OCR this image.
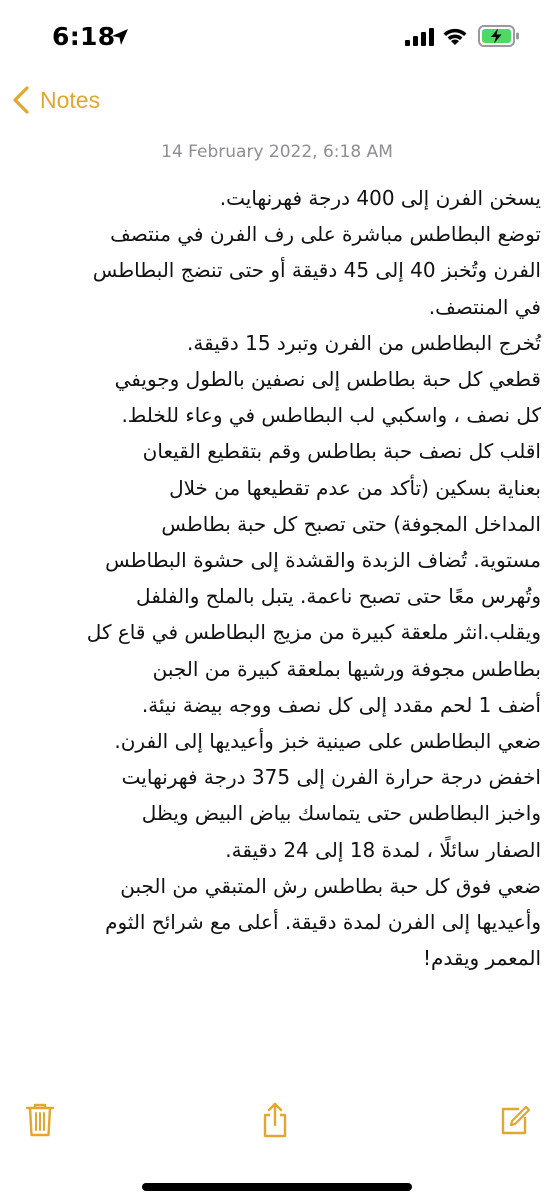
6:18
Notes
14 February 2022, 6:18 AM
يسخن الفرن إلى 400 درجة فهرنهايت.
توضع البطاطس مباشرة على رف الفرن في منتصف
الفرن وتُخبز 40 إلى 45 دقيقة أو حتى تنضج البطاطس
في المنتصف.
تُخرج البطاطس من الفرن وتبرد 15 دقيقة.
قطعي كل حبة بطاطس إلى نصفين بالطول وجويفي
كل نصف ، واسكبي لب البطاطس في وعاء للخلط.
اقلب كل نصف حبة بطاطس وقم بتقطيع القيعان
بعناية بسكين (تأكد من عدم تقطيعها من خلال
المداخل المجوفة) حتى تصبح كل حبة بطاطس
مستوية. تُضاف الزبدة والقشدة إلى حشوة البطاطس
وتُهرس معًا حتى تصبح ناعمة. يتبل بالملح والفلفل
ويقلب.انثر ملعقة كبيرة من مزيج البطاطس في قاع كل
بطاطس مجوفة ورشيها بملعقة كبيرة من الجبن
أضف 1 لحم مقدد إلى كل نصف ووجه بيضة نيئة.
ضعي البطاطس على صينية خبز وأعيديها إلى الفرن.
اخفض درجة حرارة الفرن إلى 375 درجة فهرنهايت
واخبز البطاطس حتى يتماسك بياض البيض ويظل
الصفار سائلًا ، لمدة 18 إلى 24 دقيقة.
ضعي فوق كل حبة بطاطس رش المتبقي من الجبن
وأعيديها إلى الفرن لمدة دقيقة. أعلى مع شرائح الثوم
المعمر ويقدم!
